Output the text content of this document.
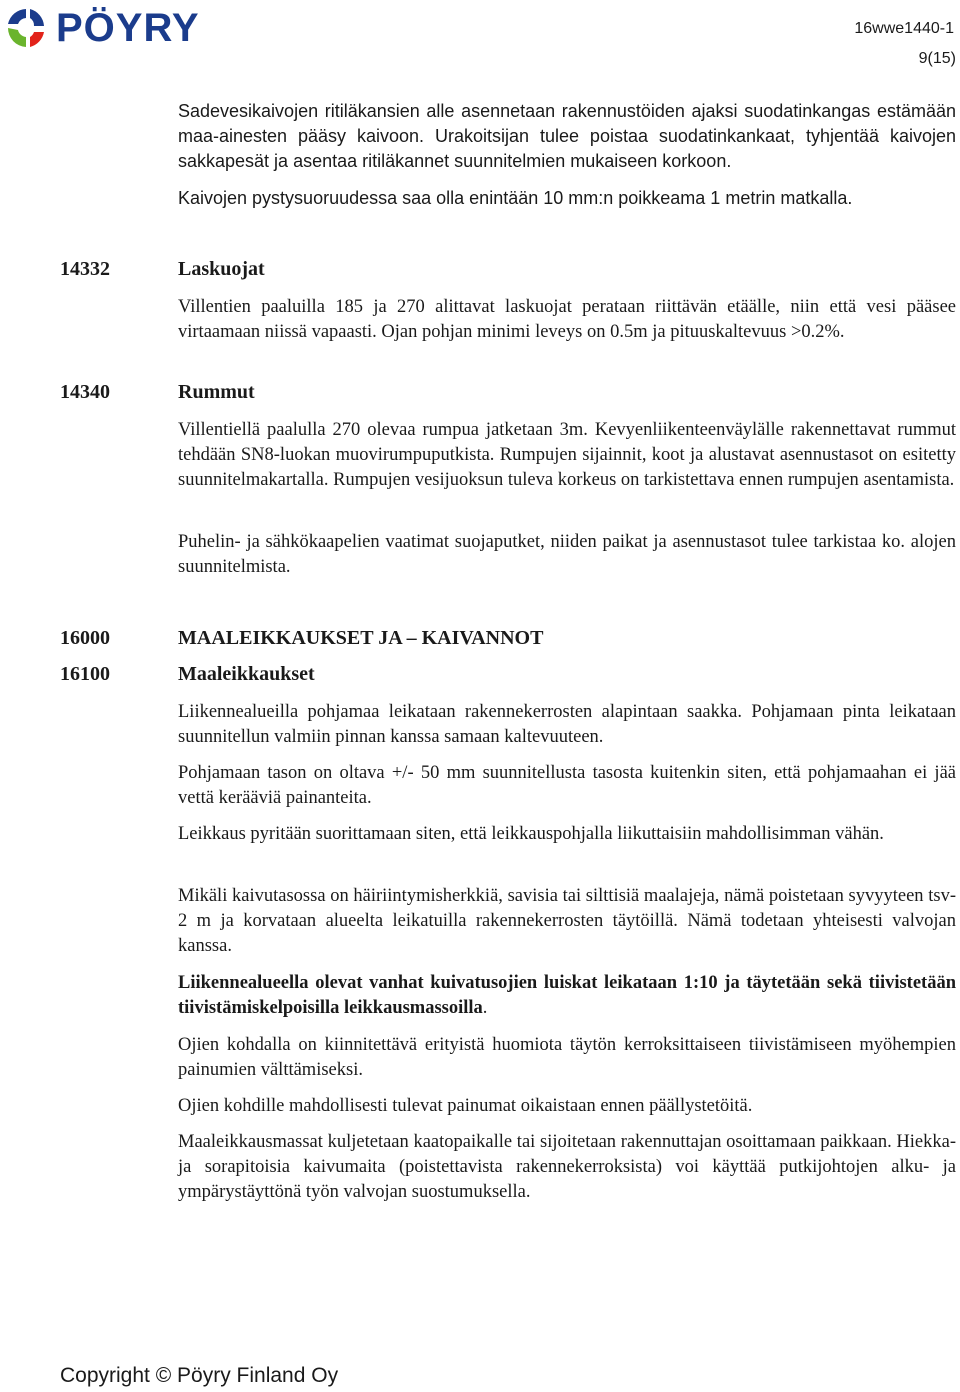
PÖYRY	16wwe1440-1
9(15)

Sadevesikaivojen ritiläkansien alle asennetaan rakennustöiden ajaksi suodatinkangas estämään maa-ainesten pääsy kaivoon. Urakoitsijan tulee poistaa suodatinkankaat, tyhjentää kaivojen sakkapesät ja asentaa ritiläkannet suunnitelmien mukaiseen korkoon.

Kaivojen pystysuoruudessa saa olla enintään 10 mm:n poikkeama 1 metrin matkalla.

14332	Laskuojat

Villentien paaluilla 185 ja 270 alittavat laskuojat perataan riittävän etäälle, niin että vesi pääsee virtaamaan niissä vapaasti. Ojan pohjan minimi leveys on 0.5m ja pituuskaltevuus >0.2%.

14340	Rummut

Villentiellä paalulla 270 olevaa rumpua jatketaan 3m. Kevyenliikenteenväylälle rakennettavat rummut tehdään SN8-luokan muovirumpuputkista. Rumpujen sijainnit, koot ja alustavat asennustasot on esitetty suunnitelmakartalla. Rumpujen vesijuoksun tuleva korkeus on tarkistettava ennen rumpujen asentamista.

Puhelin- ja sähkökaapelien vaatimat suojaputket, niiden paikat ja asennustasot tulee tarkistaa ko. alojen suunnitelmista.

16000	MAALEIKKAUKSET JA – KAIVANNOT
16100	Maaleikkaukset

Liikennealueilla pohjamaa leikataan rakennekerrosten alapintaan saakka. Pohjamaan pinta leikataan suunnitellun valmiin pinnan kanssa samaan kaltevuuteen.

Pohjamaan tason on oltava +/- 50 mm suunnitellusta tasosta kuitenkin siten, että pohjamaahan ei jää vettä kerääviä painanteita.

Leikkaus pyritään suorittamaan siten, että leikkauspohjalla liikuttaisiin mahdollisimman vähän.

Mikäli kaivutasossa on häiriintymisherkkiä, savisia tai silttisiä maalajeja, nämä poistetaan syvyyteen tsv-2 m ja korvataan alueelta leikatuilla rakennekerrosten täytöillä. Nämä todetaan yhteisesti valvojan kanssa.

Liikennealueella olevat vanhat kuivatusojien luiskat leikataan 1:10 ja täytetään sekä tiivistetään tiivistämiskelpoisilla leikkausmassoilla.

Ojien kohdalla on kiinnitettävä erityistä huomiota täytön kerroksittaiseen tiivistämiseen myöhempien painumien välttämiseksi.

Ojien kohdille mahdollisesti tulevat painumat oikaistaan ennen päällystetöitä.

Maaleikkausmassat kuljetetaan kaatopaikalle tai sijoitetaan rakennuttajan osoittamaan paikkaan. Hiekka- ja sorapitoisia kaivumaita (poistettavista rakennekerroksista) voi käyttää putkijohtojen alku- ja ympärystäyttönä työn valvojan suostumuksella.

Copyright © Pöyry Finland Oy
